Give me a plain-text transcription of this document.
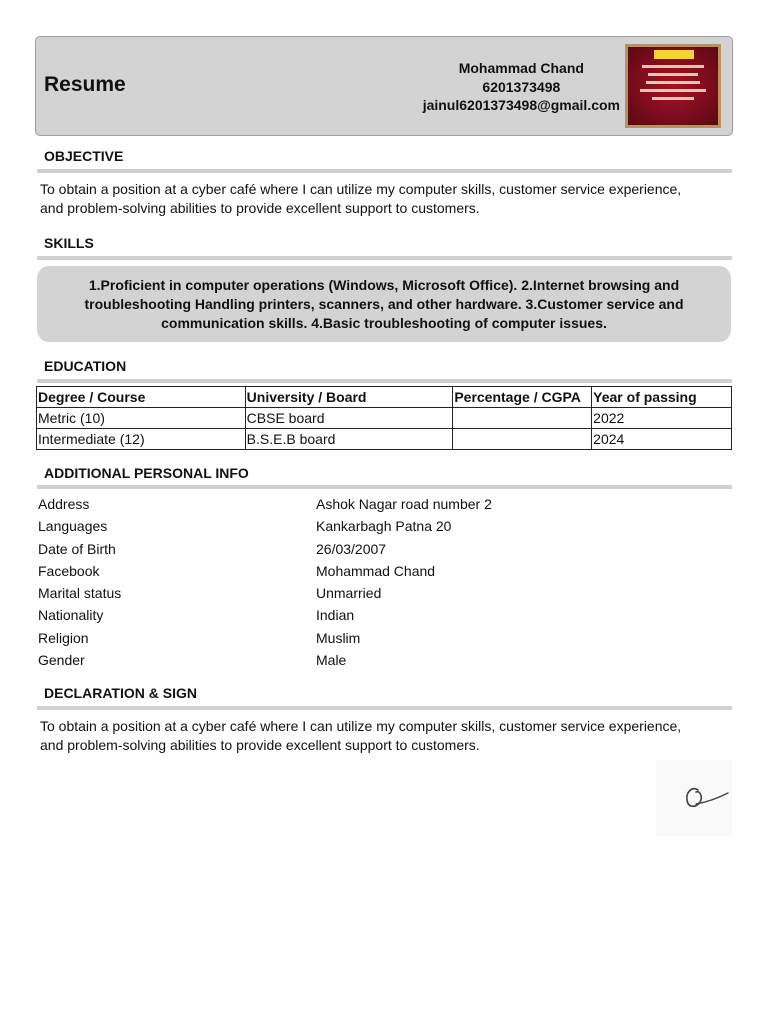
Resume
Mohammad Chand
6201373498
jainul6201373498@gmail.com
OBJECTIVE
To obtain a position at a cyber café where I can utilize my computer skills, customer service experience, and problem-solving abilities to provide excellent support to customers.
SKILLS
1.Proficient in computer operations (Windows, Microsoft Office). 2.Internet browsing and troubleshooting Handling printers, scanners, and other hardware. 3.Customer service and communication skills. 4.Basic troubleshooting of computer issues.
EDUCATION
Degree / Course	University / Board	Percentage / CGPA	Year of passing
Metric (10)	CBSE board		2022
Intermediate (12)	B.S.E.B board		2024
ADDITIONAL PERSONAL INFO
Address	Ashok Nagar road number 2
Languages	Kankarbagh Patna 20
Date of Birth	26/03/2007
Facebook	Mohammad Chand
Marital status	Unmarried
Nationality	Indian
Religion	Muslim
Gender	Male
DECLARATION & SIGN
To obtain a position at a cyber café where I can utilize my computer skills, customer service experience, and problem-solving abilities to provide excellent support to customers.
